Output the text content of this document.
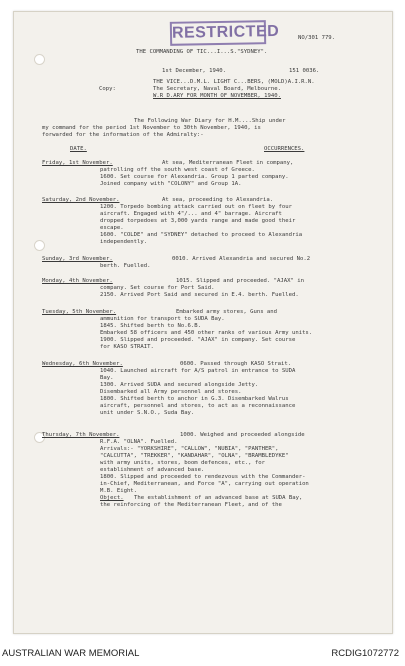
RESTRICTED	NO/301 779.
THE COMMANDING OF TIC...I...S."SYDNEY".
1st December, 1940.	151 0036.
THE VICE...D.M.L. LIGHT C...BERS, (MOLD)A.I.R.N.
Copy:	The Secretary, Naval Board, Melbourne.
W.R D.ARY FOR MONTH OF NOVEMBER, 1940.
The Following War Diary for H.M....Ship under
my command for the period 1st November to 30th November, 1940, is
forwarded for the information of the Admiralty:-
DATE.	OCCURRENCES.
Friday, 1st November.	At sea, Mediterranean Fleet in company,
patrolling off the south west coast of Greece.
1600. Set course for Alexandria. Group 1 parted company.
Joined company with "COLONY" and Group 1A.
Saturday, 2nd November.	At sea, proceeding to Alexandria.
1200. Torpedo bombing attack carried out on fleet by four
aircraft. Engaged with 4"/... and 4" barrage. Aircraft
dropped torpedoes at 3,000 yards range and made good their
escape.
1600. "COLDE" and "SYDNEY" detached to proceed to Alexandria
independently.
Sunday, 3rd November.	0010. Arrived Alexandria and secured No.2
berth. Fuelled.
Monday, 4th November.	1015. Slipped and proceeded. "AJAX" in
company. Set course for Port Said.
2150. Arrived Port Said and secured in E.4. berth. Fuelled.
Tuesday, 5th November.	Embarked army stores, Guns and
ammunition for transport to SUDA Bay.
1845. Shifted berth to No.6.B.
Embarked 58 officers and 450 other ranks of various Army units.
1900. Slipped and proceeded. "AJAX" in company. Set course
for KASO STRAIT.
Wednesday, 6th November.	0600. Passed through KASO Strait.
1040. Launched aircraft for A/S patrol in entrance to SUDA
Bay.
1300. Arrived SUDA and secured alongside Jetty.
Disembarked all Army personnel and stores.
1800. Shifted berth to anchor in G.3. Disembarked Walrus
aircraft, personnel and stores, to act as a reconnaissance
unit under S.N.O., Suda Bay.
Thursday, 7th November.	1000. Weighed and proceeded alongside
R.F.A. "OLNA". Fuelled.
Arrivals:- "YORKSHIRE", "CALLOW", "NUBIA", "PANTHER",
"CALCUTTA", "TREKKER", "KANDAHAR", "OLNA", "BRAMBLEDYKE"
with army units, stores, boom defences, etc., for
establishment of advanced base.
1800. Slipped and proceeded to rendezvous with the Commander-
in-Chief, Mediterranean, and Force "A", carrying out operation
M.B. Eight.
Object. The establishment of an advanced base at SUDA Bay,
the reinforcing of the Mediterranean Fleet, and of the
AUSTRALIAN WAR MEMORIAL	RCDIG1072772
